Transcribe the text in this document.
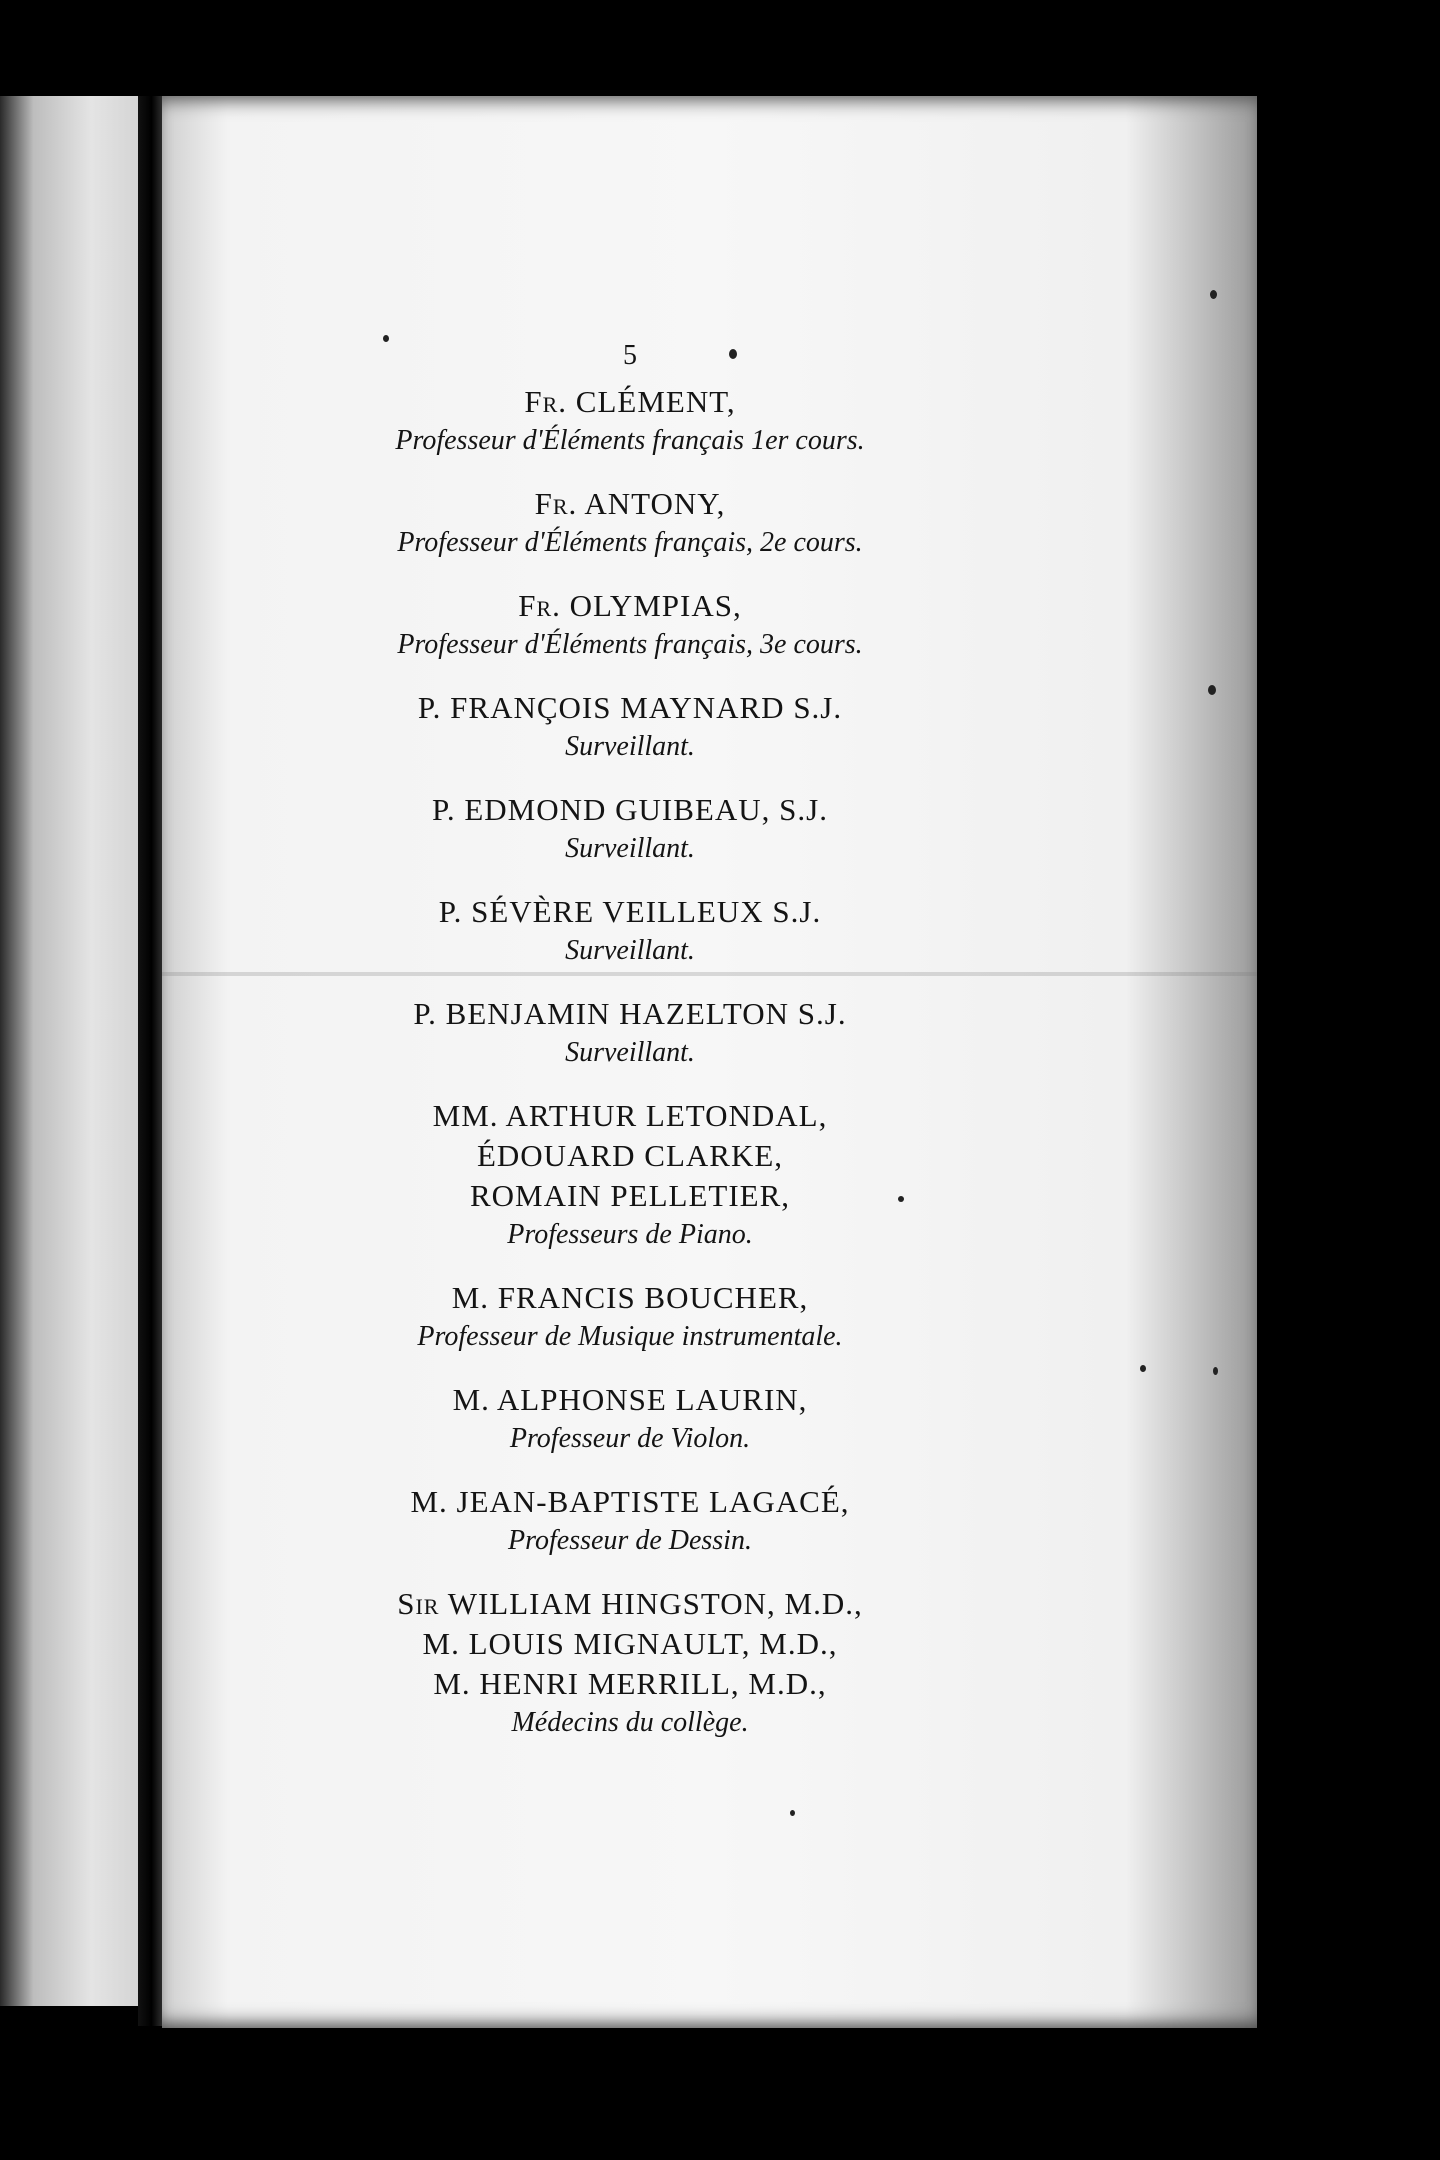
5
Fr. CLÉMENT,
Professeur d'Éléments français 1er cours.
Fr. ANTONY,
Professeur d'Éléments français, 2e cours.
Fr. OLYMPIAS,
Professeur d'Éléments français, 3e cours.
P. FRANÇOIS MAYNARD S.J.
Surveillant.
P. EDMOND GUIBEAU, S.J.
Surveillant.
P. SÉVÈRE VEILLEUX S.J.
Surveillant.
P. BENJAMIN HAZELTON S.J.
Surveillant.
MM. ARTHUR LETONDAL,
ÉDOUARD CLARKE,
ROMAIN PELLETIER,
Professeurs de Piano.
M. FRANCIS BOUCHER,
Professeur de Musique instrumentale.
M. ALPHONSE LAURIN,
Professeur de Violon.
M. JEAN-BAPTISTE LAGACÉ,
Professeur de Dessin.
Sir WILLIAM HINGSTON, M.D.,
M. LOUIS MIGNAULT, M.D.,
M. HENRI MERRILL, M.D.,
Médecins du collège.
